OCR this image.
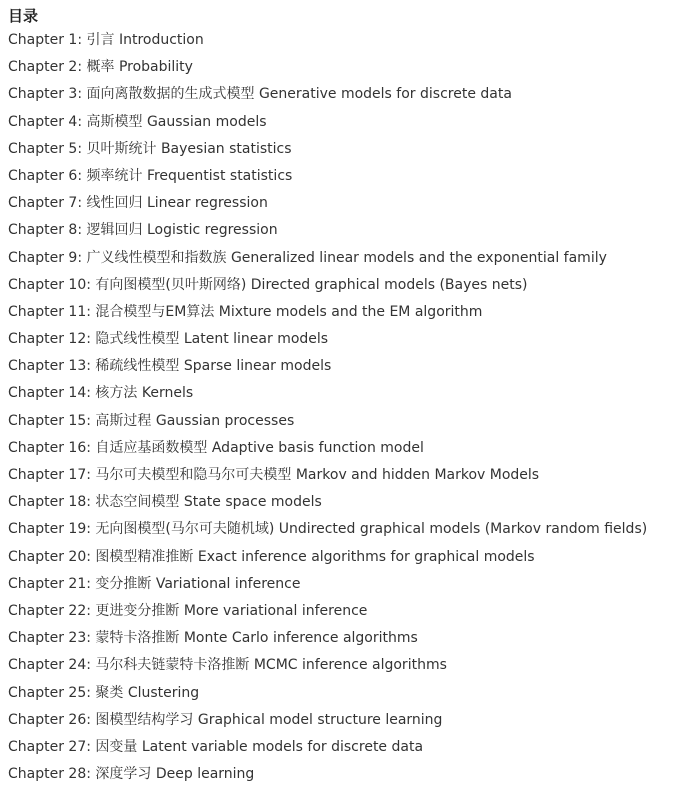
目录
Chapter 1: 引言 Introduction
Chapter 2: 概率 Probability
Chapter 3: 面向离散数据的生成式模型 Generative models for discrete data
Chapter 4: 高斯模型 Gaussian models
Chapter 5: 贝叶斯统计 Bayesian statistics
Chapter 6: 频率统计 Frequentist statistics
Chapter 7: 线性回归 Linear regression
Chapter 8: 逻辑回归 Logistic regression
Chapter 9: 广义线性模型和指数族 Generalized linear models and the exponential family
Chapter 10: 有向图模型(贝叶斯网络) Directed graphical models (Bayes nets)
Chapter 11: 混合模型与EM算法 Mixture models and the EM algorithm
Chapter 12: 隐式线性模型 Latent linear models
Chapter 13: 稀疏线性模型 Sparse linear models
Chapter 14: 核方法 Kernels
Chapter 15: 高斯过程 Gaussian processes
Chapter 16: 自适应基函数模型 Adaptive basis function model
Chapter 17: 马尔可夫模型和隐马尔可夫模型 Markov and hidden Markov Models
Chapter 18: 状态空间模型 State space models
Chapter 19: 无向图模型(马尔可夫随机域) Undirected graphical models (Markov random fields)
Chapter 20: 图模型精准推断 Exact inference algorithms for graphical models
Chapter 21: 变分推断 Variational inference
Chapter 22: 更进变分推断 More variational inference
Chapter 23: 蒙特卡洛推断 Monte Carlo inference algorithms
Chapter 24: 马尔科夫链蒙特卡洛推断 MCMC inference algorithms
Chapter 25: 聚类 Clustering
Chapter 26: 图模型结构学习 Graphical model structure learning
Chapter 27: 因变量 Latent variable models for discrete data
Chapter 28: 深度学习 Deep learning
